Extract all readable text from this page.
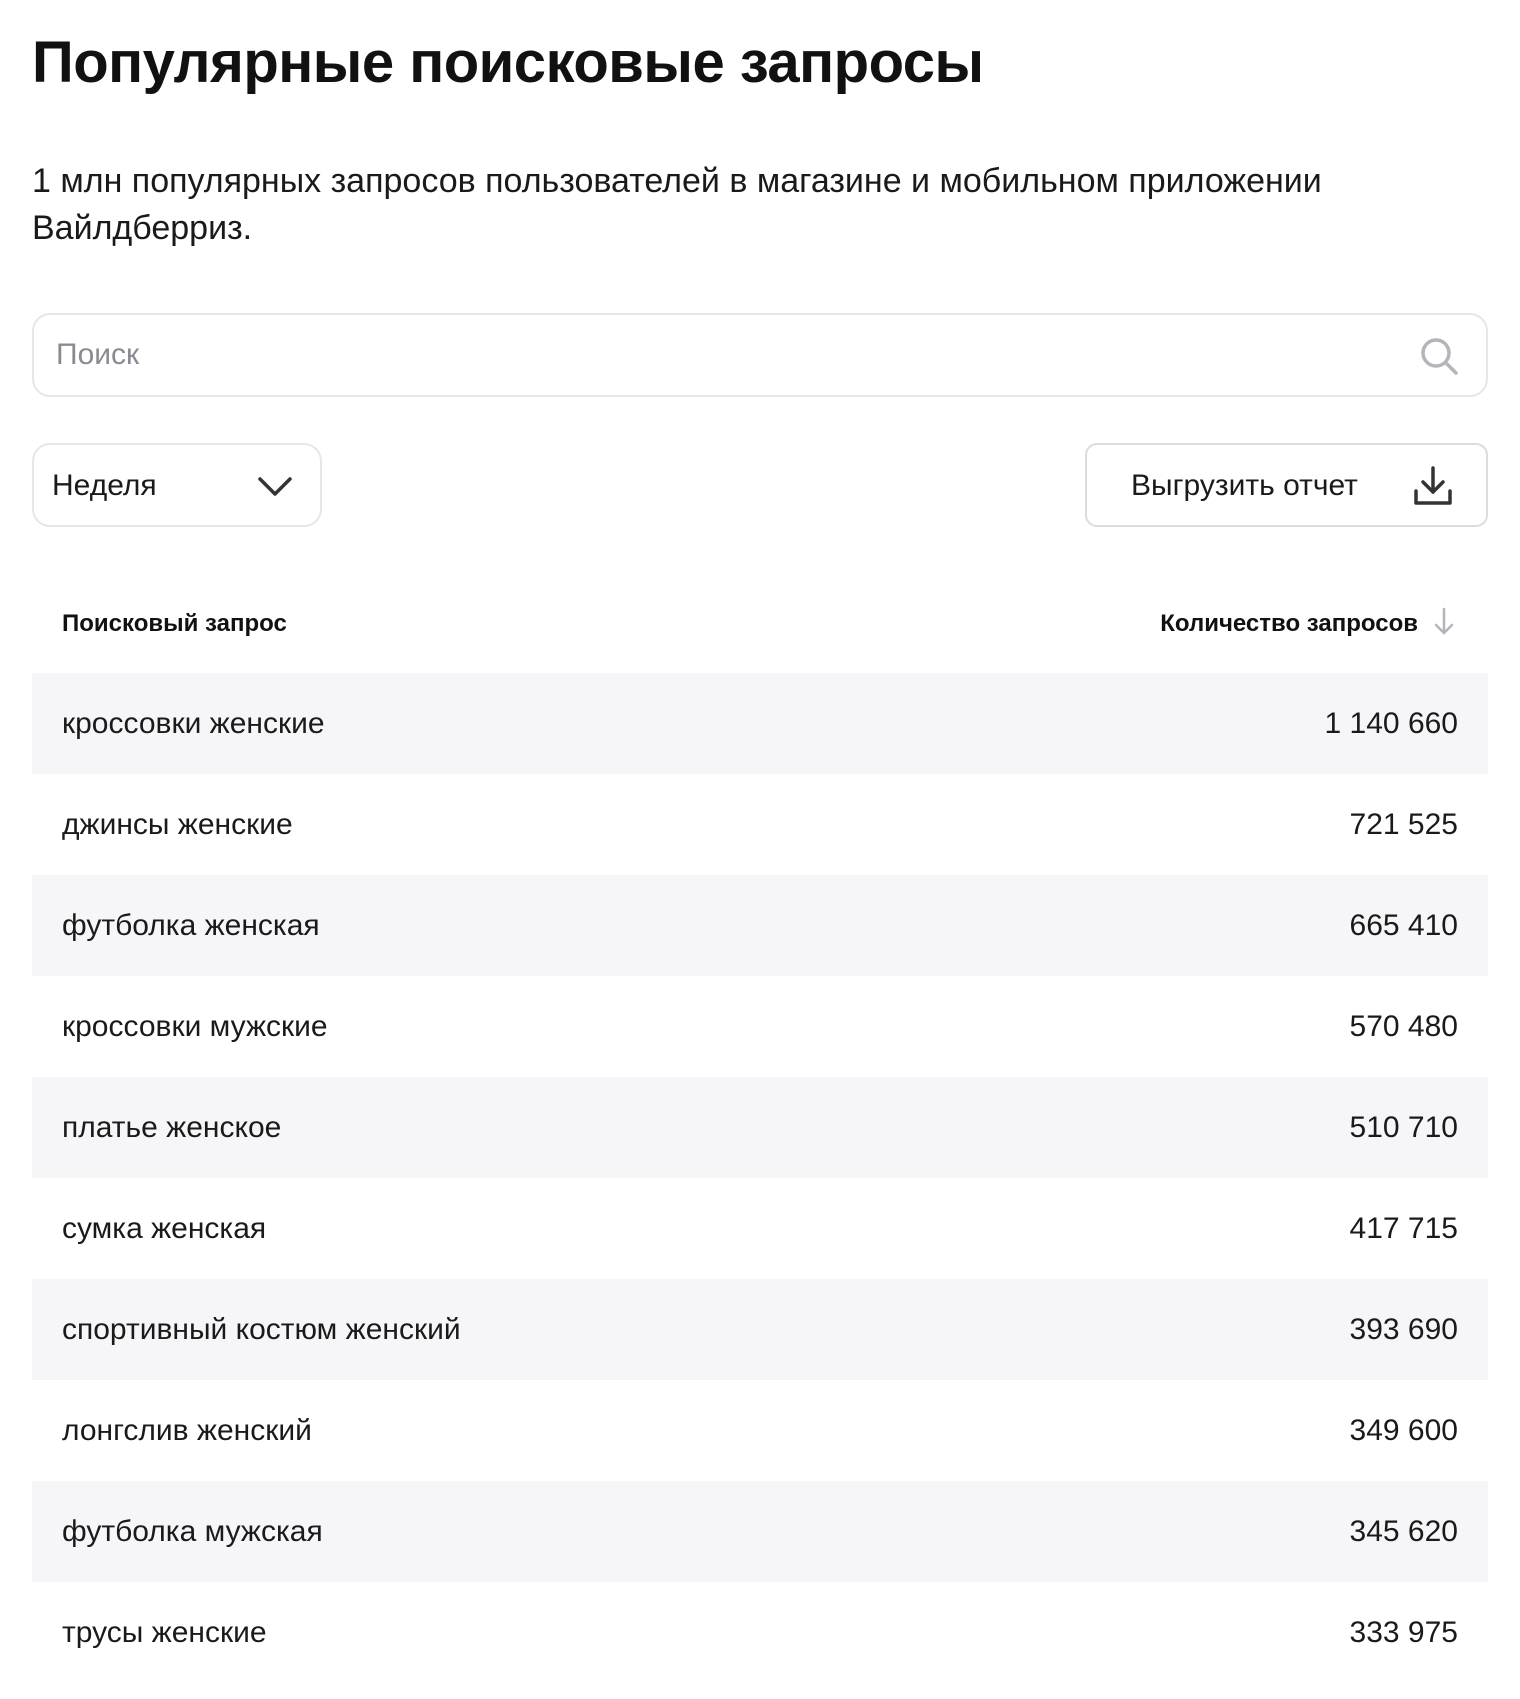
Популярные поисковые запросы

1 млн популярных запросов пользователей в магазине и мобильном приложении Вайлдберриз.

Поиск
Неделя	Выгрузить отчет
Поисковый запрос	Количество запросов
кроссовки женские	1 140 660
джинсы женские	721 525
футболка женская	665 410
кроссовки мужские	570 480
платье женское	510 710
сумка женская	417 715
спортивный костюм женский	393 690
лонгслив женский	349 600
футболка мужская	345 620
трусы женские	333 975
